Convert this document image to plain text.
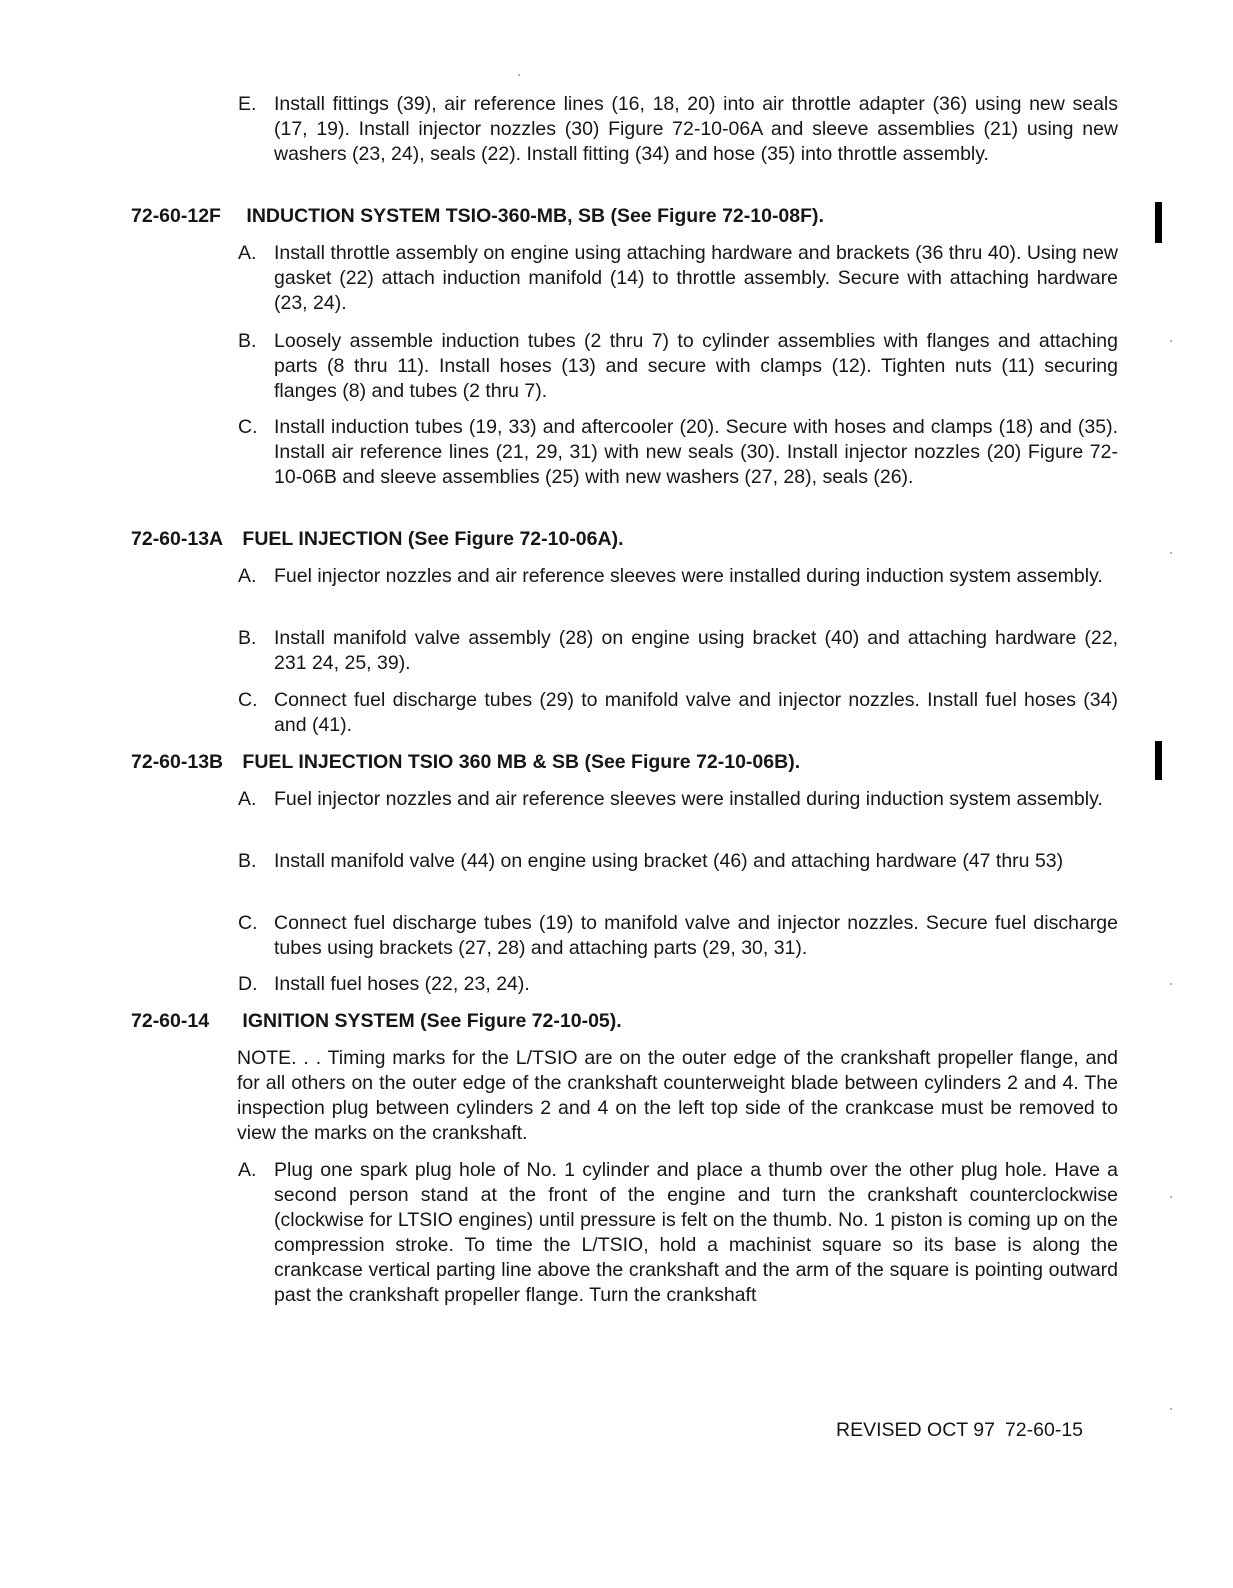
E. Install fittings (39), air reference lines (16, 18, 20) into air throttle adapter (36) using new seals (17, 19). Install injector nozzles (30) Figure 72-10-06A and sleeve assemblies (21) using new washers (23, 24), seals (22). Install fitting (34) and hose (35) into throttle assembly.
72-60-12F INDUCTION SYSTEM TSIO-360-MB, SB (See Figure 72-10-08F).
A. Install throttle assembly on engine using attaching hardware and brackets (36 thru 40). Using new gasket (22) attach induction manifold (14) to throttle assembly. Secure with attaching hardware (23, 24).
B. Loosely assemble induction tubes (2 thru 7) to cylinder assemblies with flanges and attaching parts (8 thru 11). Install hoses (13) and secure with clamps (12). Tighten nuts (11) securing flanges (8) and tubes (2 thru 7).
C. Install induction tubes (19, 33) and aftercooler (20). Secure with hoses and clamps (18) and (35). Install air reference lines (21, 29, 31) with new seals (30). Install injector nozzles (20) Figure 72-10-06B and sleeve assemblies (25) with new washers (27, 28), seals (26).
72-60-13A FUEL INJECTION (See Figure 72-10-06A).
A. Fuel injector nozzles and air reference sleeves were installed during induction system assembly.
B. Install manifold valve assembly (28) on engine using bracket (40) and attaching hardware (22, 231 24, 25, 39).
C. Connect fuel discharge tubes (29) to manifold valve and injector nozzles. Install fuel hoses (34) and (41).
72-60-13B FUEL INJECTION TSIO 360 MB & SB (See Figure 72-10-06B).
A. Fuel injector nozzles and air reference sleeves were installed during induction system assembly.
B. Install manifold valve (44) on engine using bracket (46) and attaching hardware (47 thru 53)
C. Connect fuel discharge tubes (19) to manifold valve and injector nozzles. Secure fuel discharge tubes using brackets (27, 28) and attaching parts (29, 30, 31).
D. Install fuel hoses (22, 23, 24).
72-60-14 IGNITION SYSTEM (See Figure 72-10-05).
NOTE. . . Timing marks for the L/TSIO are on the outer edge of the crankshaft propeller flange, and for all others on the outer edge of the crankshaft counterweight blade between cylinders 2 and 4. The inspection plug between cylinders 2 and 4 on the left top side of the crankcase must be removed to view the marks on the crankshaft.
A. Plug one spark plug hole of No. 1 cylinder and place a thumb over the other plug hole. Have a second person stand at the front of the engine and turn the crankshaft counterclockwise (clockwise for LTSIO engines) until pressure is felt on the thumb. No. 1 piston is coming up on the compression stroke. To time the L/TSIO, hold a machinist square so its base is along the crankcase vertical parting line above the crankshaft and the arm of the square is pointing outward past the crankshaft propeller flange. Turn the crankshaft
REVISED OCT 97 72-60-15
